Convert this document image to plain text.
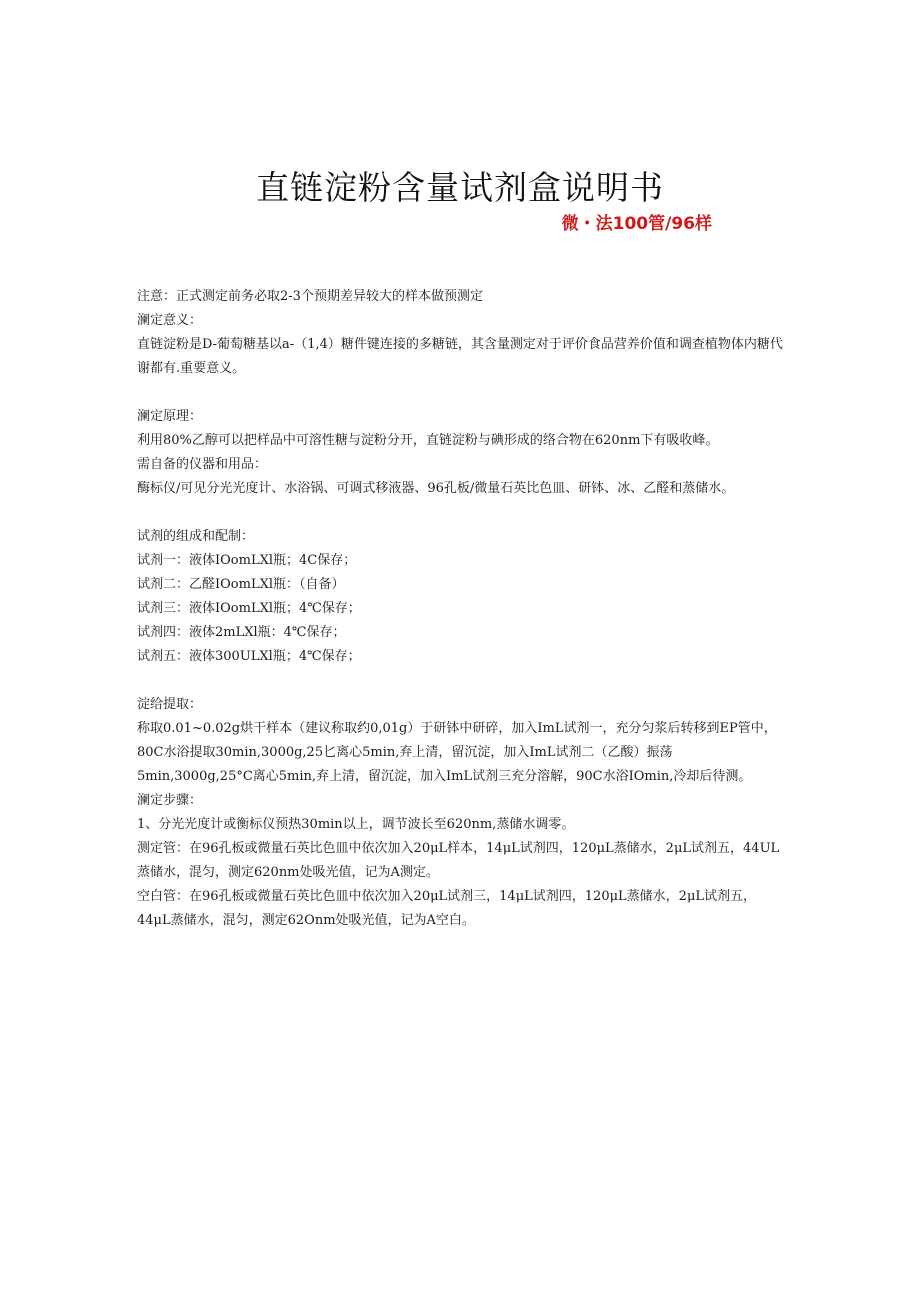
直链淀粉含量试剂盒说明书
微・法100管/96样

注意：正式测定前务必取2-3个预期差异较大的样本做预测定

澜定意义：

直链淀粉是D-葡萄糖基以a-（1,4）糖件键连接的多糖链，其含量测定对于评价食品营养价值和调查植物体内糖代谢都有.重要意义。

澜定原理：

利用80%乙醇可以把样品中可溶性糖与淀粉分开，直链淀粉与碘形成的络合物在620nm下有吸收峰。

需自备的仪器和用品：

酶标仪/可见分光光度计、水浴锅、可调式移液器、96孔板/微量石英比色皿、研钵、冰、乙醛和蒸储水。

试剂的组成和配制：

试剂一：液体IOomLXl瓶；4C保存；

试剂二：乙醛IOomLXl瓶：（自备）

试剂三：液体IOomLXl瓶；4℃保存；

试剂四：液体2mLXl瓶：4℃保存；

试剂五：液体300ULXl瓶；4℃保存；

淀给提取：

称取0.01~0.02g烘干样本（建议称取约0,01g）于研钵中研碎，加入ImL试剂一，充分匀浆后转移到EP管中，80C水浴提取30min,3000g,25匕离心5min,弃上清，留沉淀，加入ImL试剂二（乙酸）振荡5min,3000g,25°C离心5min,弃上清，留沉淀，加入ImL试剂三充分溶解，90C水浴IOmin,冷却后待测。

澜定步骤：

1、分光光度计或衡标仪预热30min以上，调节波长至620nm,蒸储水调零。

测定管：在96孔板或微量石英比色皿中依次加入20μL样本，14μL试剂四，120μL蒸储水，2μL试剂五，44UL蒸储水，混匀，测定620nm处吸光值，记为A测定。

空白管：在96孔板或微量石英比色皿中依次加入20μL试剂三，14μL试剂四，120μL蒸储水，2μL试剂五，44μL蒸储水，混匀，测定62Onm处吸光值，记为A空白。
